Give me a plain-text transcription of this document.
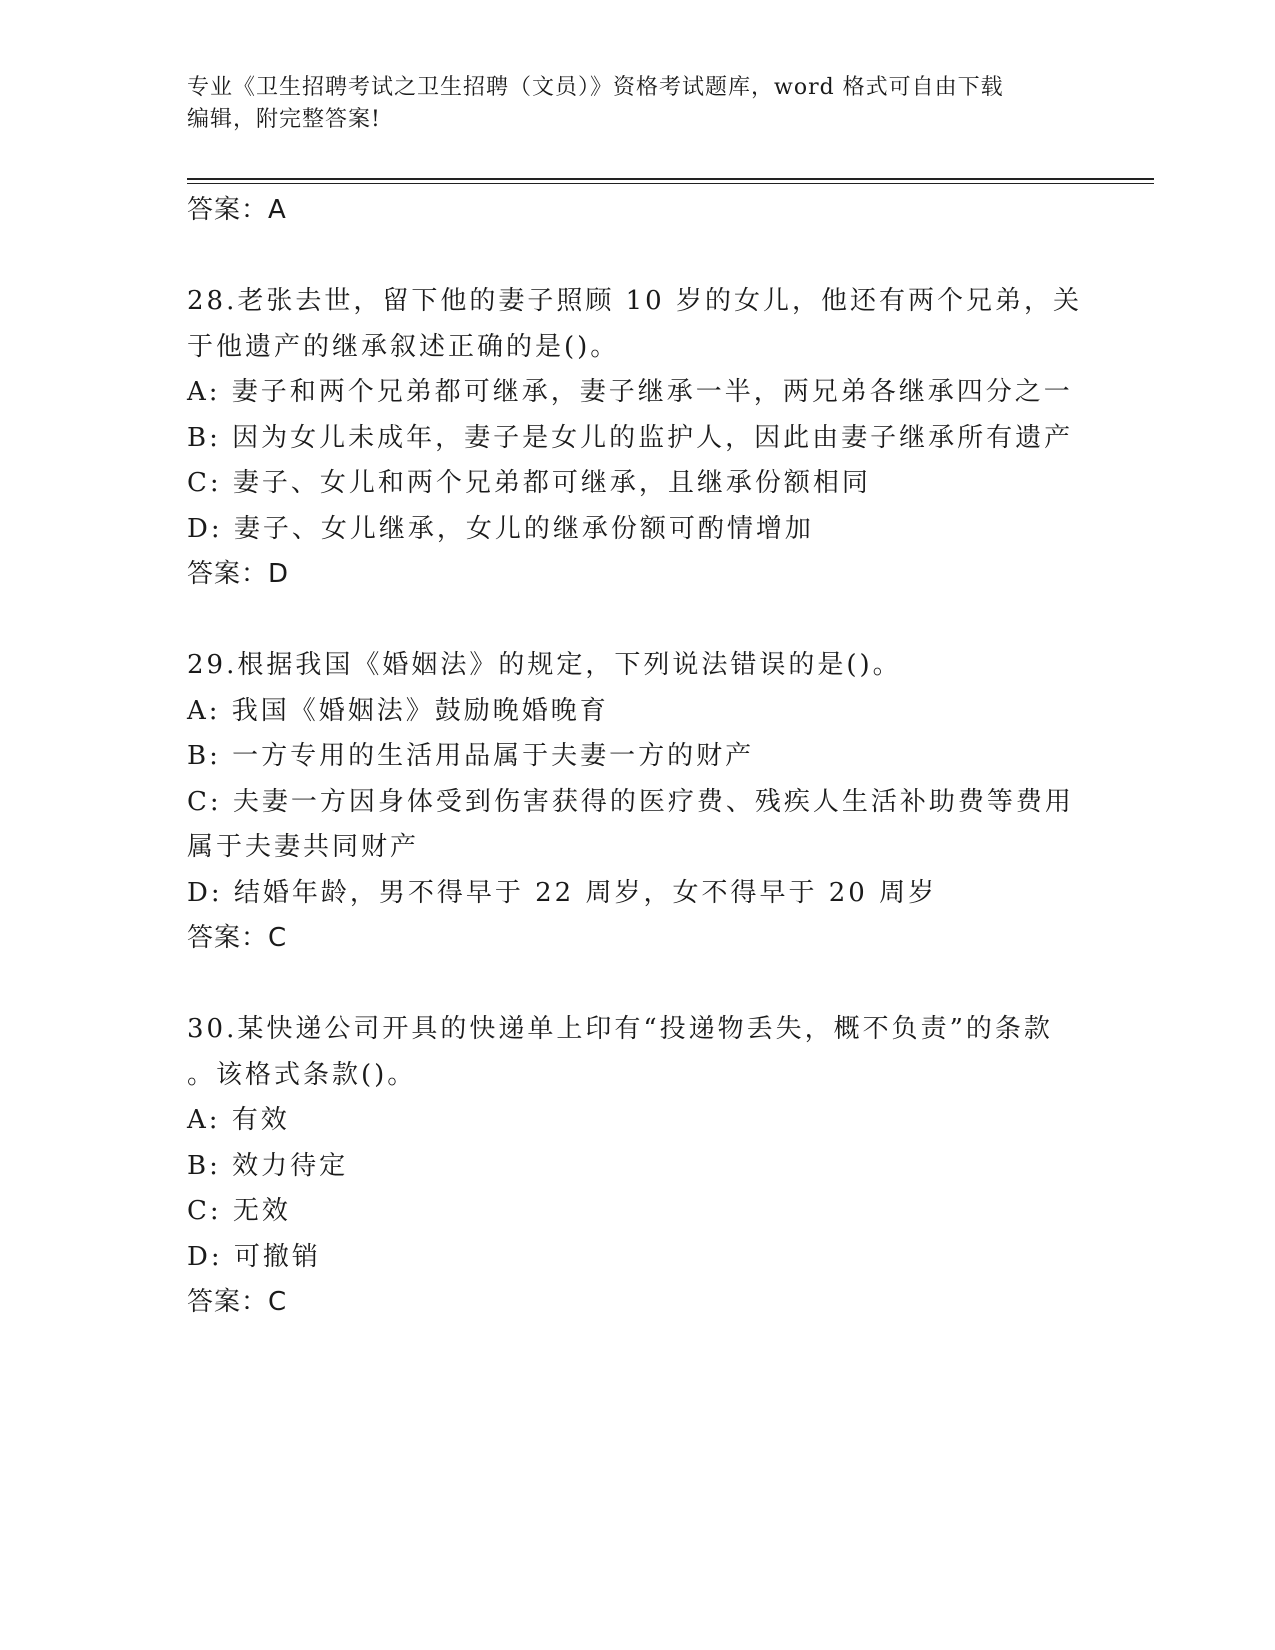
专业《卫生招聘考试之卫生招聘（文员）》资格考试题库，word 格式可自由下载
编辑，附完整答案!
答案：A
28.老张去世，留下他的妻子照顾 10 岁的女儿，他还有两个兄弟，关
于他遗产的继承叙述正确的是()。
A: 妻子和两个兄弟都可继承，妻子继承一半，两兄弟各继承四分之一
B: 因为女儿未成年，妻子是女儿的监护人，因此由妻子继承所有遗产
C: 妻子、女儿和两个兄弟都可继承，且继承份额相同
D: 妻子、女儿继承，女儿的继承份额可酌情增加
答案：D
29.根据我国《婚姻法》的规定，下列说法错误的是()。
A: 我国《婚姻法》鼓励晚婚晚育
B: 一方专用的生活用品属于夫妻一方的财产
C: 夫妻一方因身体受到伤害获得的医疗费、残疾人生活补助费等费用
属于夫妻共同财产
D: 结婚年龄，男不得早于 22 周岁，女不得早于 20 周岁
答案：C
30.某快递公司开具的快递单上印有“投递物丢失，概不负责”的条款
。该格式条款()。
A: 有效
B: 效力待定
C: 无效
D: 可撤销
答案：C
